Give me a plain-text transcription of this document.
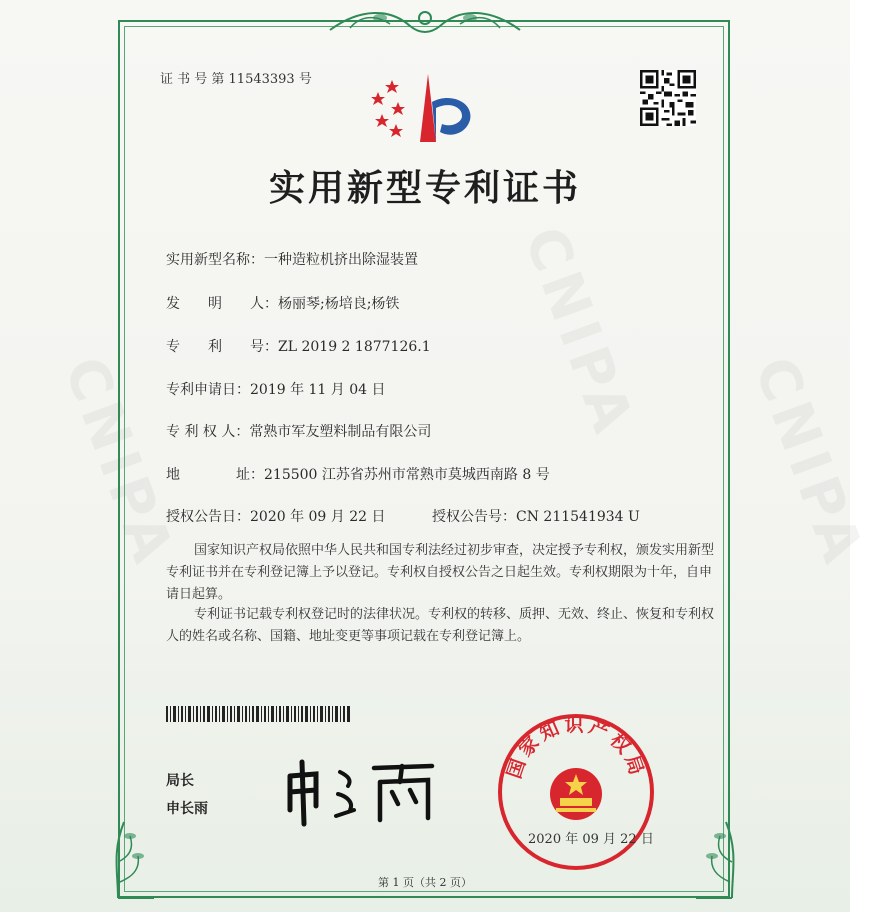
CNIPA
CNIPA	CNIPA
证 书 号 第 11543393 号
实用新型专利证书
实用新型名称：一种造粒机挤出除湿装置
发　　明　　人：杨丽琴;杨培良;杨铁
专　　利　　号：ZL 2019 2 1877126.1
专利申请日：2019 年 11 月 04 日
专 利 权 人：常熟市军友塑料制品有限公司
地　　　　址：215500 江苏省苏州市常熟市莫城西南路 8 号
授权公告日：2020 年 09 月 22 日	授权公告号：CN 211541934 U
国家知识产权局依照中华人民共和国专利法经过初步审查，决定授予专利权，颁发实用新型专利证书并在专利登记簿上予以登记。专利权自授权公告之日起生效。专利权期限为十年，自申请日起算。
专利证书记载专利权登记时的法律状况。专利权的转移、质押、无效、终止、恢复和专利权人的姓名或名称、国籍、地址变更等事项记载在专利登记簿上。
局长
申长雨
国家知识产权局
2020 年 09 月 22 日
第 1 页（共 2 页）
